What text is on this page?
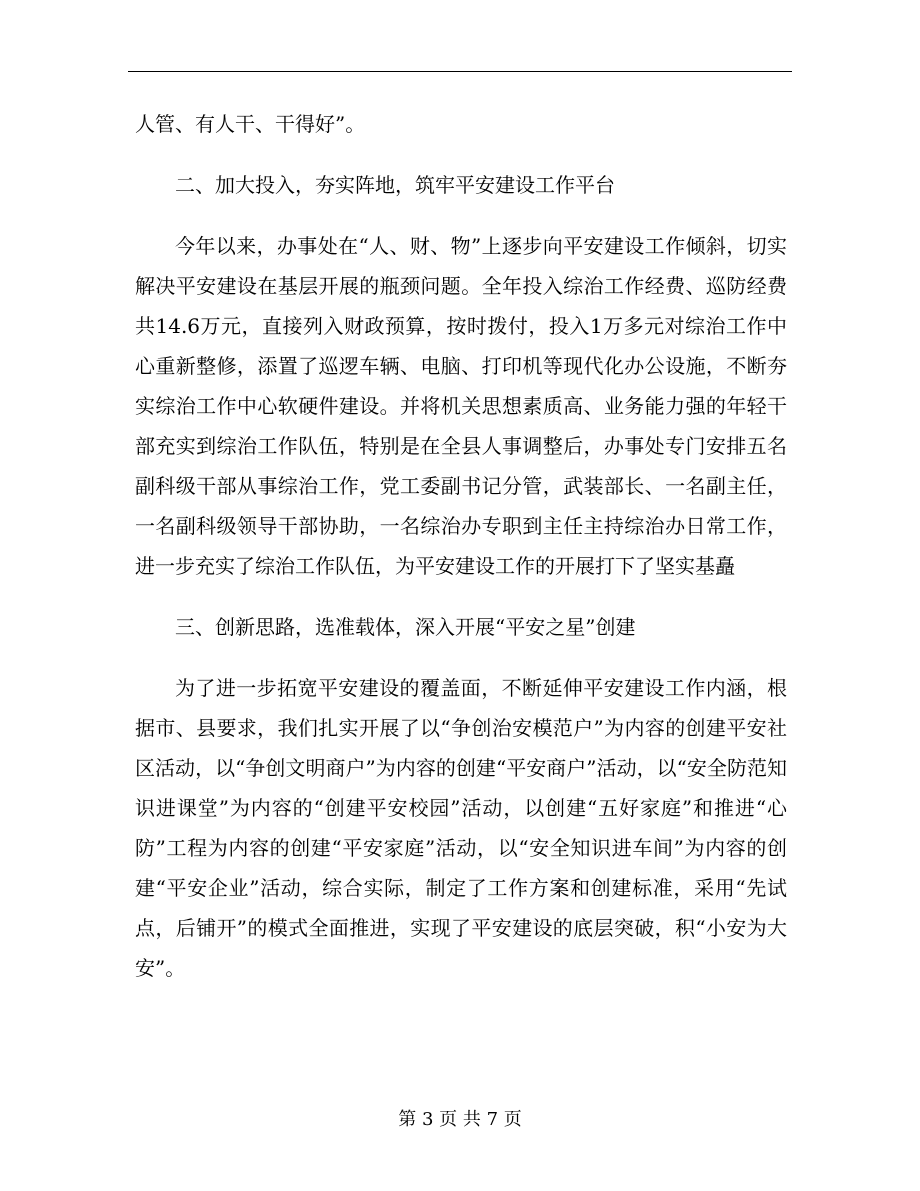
人管、有人干、干得好”。

二、加大投入，夯实阵地，筑牢平安建设工作平台

今年以来，办事处在“人、财、物”上逐步向平安建设工作倾斜，切实解决平安建设在基层开展的瓶颈问题。全年投入综治工作经费、巡防经费共14.6万元，直接列入财政预算，按时拨付，投入1万多元对综治工作中心重新整修，添置了巡逻车辆、电脑、打印机等现代化办公设施，不断夯实综治工作中心软硬件建设。并将机关思想素质高、业务能力强的年轻干部充实到综治工作队伍，特别是在全县人事调整后，办事处专门安排五名副科级干部从事综治工作，党工委副书记分管，武装部长、一名副主任，一名副科级领导干部协助，一名综治办专职到主任主持综治办日常工作，进一步充实了综治工作队伍，为平安建设工作的开展打下了坚实基矗

三、创新思路，选准载体，深入开展“平安之星”创建

为了进一步拓宽平安建设的覆盖面，不断延伸平安建设工作内涵，根据市、县要求，我们扎实开展了以“争创治安模范户”为内容的创建平安社区活动，以“争创文明商户”为内容的创建“平安商户”活动，以“安全防范知识进课堂”为内容的“创建平安校园”活动，以创建“五好家庭”和推进“心防”工程为内容的创建“平安家庭”活动，以“安全知识进车间”为内容的创建“平安企业”活动，综合实际，制定了工作方案和创建标准，采用“先试点，后铺开”的模式全面推进，实现了平安建设的底层突破，积“小安为大安”。

第 3 页 共 7 页
